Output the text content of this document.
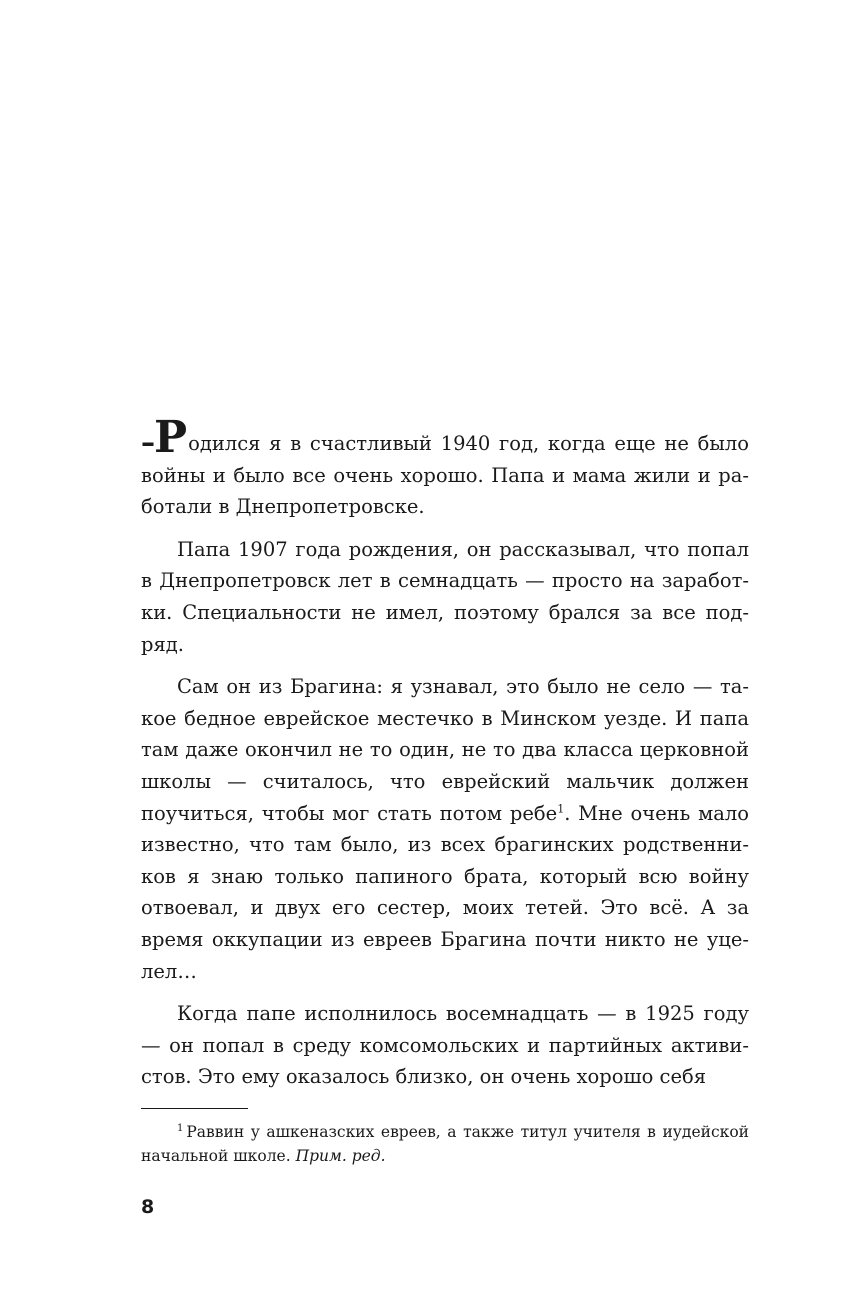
–Родился я в счастливый 1940 год, когда еще не было войны и было все очень хорошо. Папа и мама жили и работали в Днепропетровске.

Папа 1907 года рождения, он рассказывал, что попал в Днепропетровск лет в семнадцать — просто на заработки. Специальности не имел, поэтому брался за все подряд.

Сам он из Брагина: я узнавал, это было не село — такое бедное еврейское местечко в Минском уезде. И папа там даже окончил не то один, не то два класса церковной школы — считалось, что еврейский мальчик должен поучиться, чтобы мог стать потом ребе$^1$. Мне очень мало известно, что там было, из всех брагинских родственников я знаю только папиного брата, который всю войну отвоевал, и двух его сестер, моих тетей. Это всё. А за время оккупации из евреев Брагина почти никто не уцелел…

Когда папе исполнилось восемнадцать — в 1925 году — он попал в среду комсомольских и партийных активистов. Это ему оказалось близко, он очень хорошо себя

$^1$ Раввин у ашкеназских евреев, а также титул учителя в иудейской начальной школе. Прим. ред.

8
